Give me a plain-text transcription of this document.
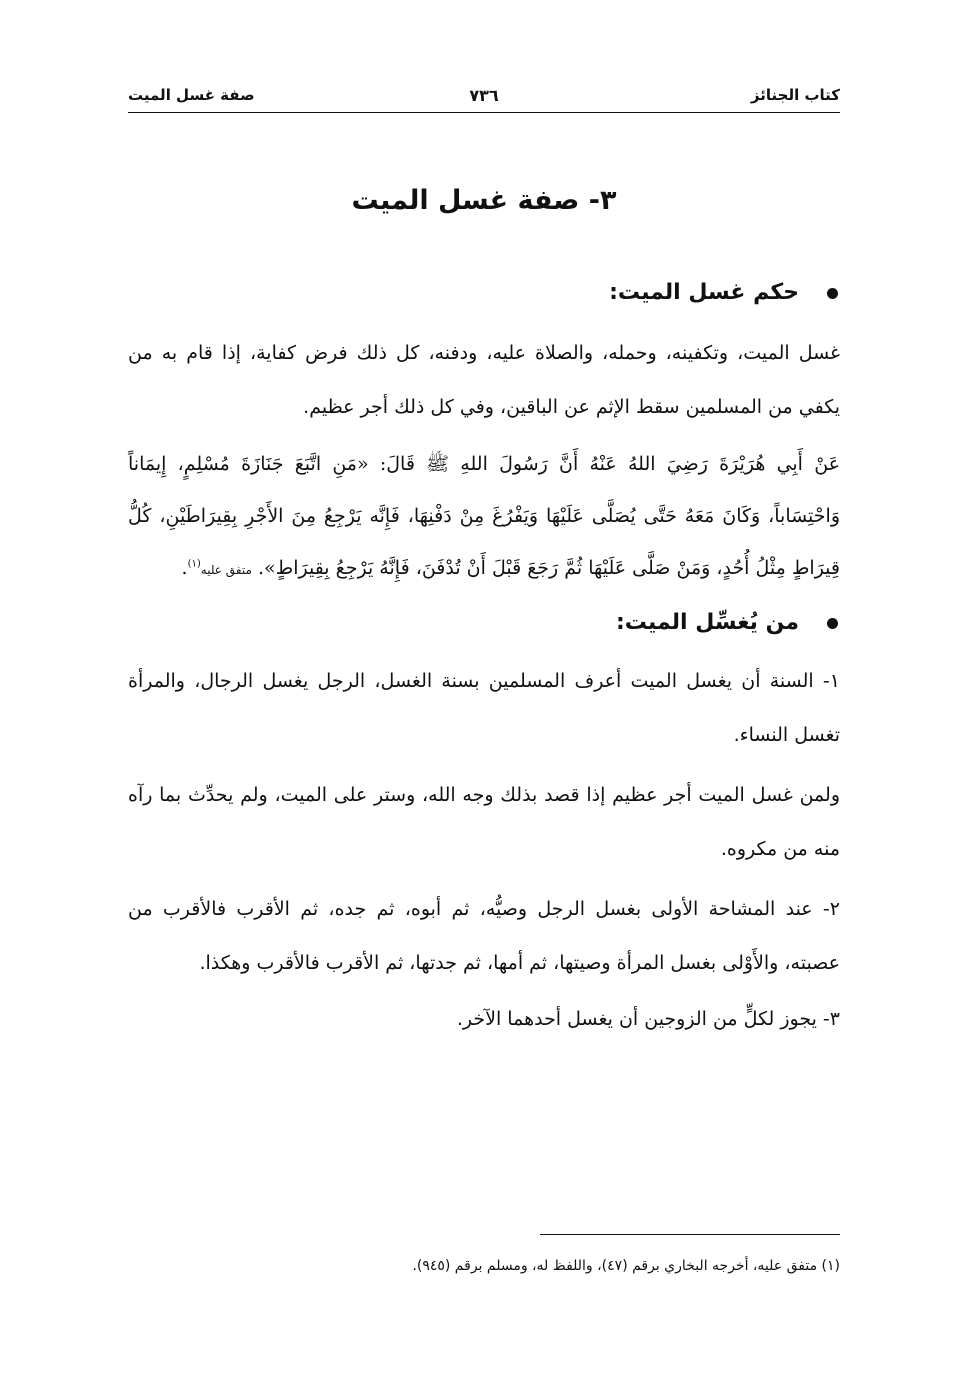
كتاب الجنائز
٧٣٦
صفة غسل الميت
٣- صفة غسل الميت
حكم غسل الميت:

غسل الميت، وتكفينه، وحمله، والصلاة عليه، ودفنه، كل ذلك فرض كفاية، إذا قام به من يكفي من المسلمين سقط الإثم عن الباقين، وفي كل ذلك أجر عظيم.

عَنْ أَبِي هُرَيْرَةَ رَضِيَ اللهُ عَنْهُ أَنَّ رَسُولَ اللهِ ﷺ قَالَ: «مَنِ اتَّبَعَ جَنَازَةَ مُسْلِمٍ، إِيمَاناً وَاحْتِسَاباً، وَكَانَ مَعَهُ حَتَّى يُصَلَّى عَلَيْهَا وَيَفْرُغَ مِنْ دَفْنِهَا، فَإِنَّه يَرْجِعُ مِنَ الأَجْرِ بِقِيرَاطَيْنِ، كُلُّ قِيرَاطٍ مِثْلُ أُحُدٍ، وَمَنْ صَلَّى عَلَيْهَا ثُمَّ رَجَعَ قَبْلَ أَنْ تُدْفَنَ، فَإِنَّهُ يَرْجِعُ بِقِيرَاطٍ». متفق عليه$^{(١)}$.

من يُغسِّل الميت:

١- السنة أن يغسل الميت أعرف المسلمين بسنة الغسل، الرجل يغسل الرجال، والمرأة تغسل النساء.

ولمن غسل الميت أجر عظيم إذا قصد بذلك وجه الله، وستر على الميت، ولم يحدِّث بما رآه منه من مكروه.

٢- عند المشاحة الأولى بغسل الرجل وصيُّه، ثم أبوه، ثم جده، ثم الأقرب فالأقرب من عصبته، والأَوْلى بغسل المرأة وصيتها، ثم أمها، ثم جدتها، ثم الأقرب فالأقرب وهكذا.

٣- يجوز لكلٍّ من الزوجين أن يغسل أحدهما الآخر.

(١) متفق عليه، أخرجه البخاري برقم (٤٧)، واللفظ له، ومسلم برقم (٩٤٥).
